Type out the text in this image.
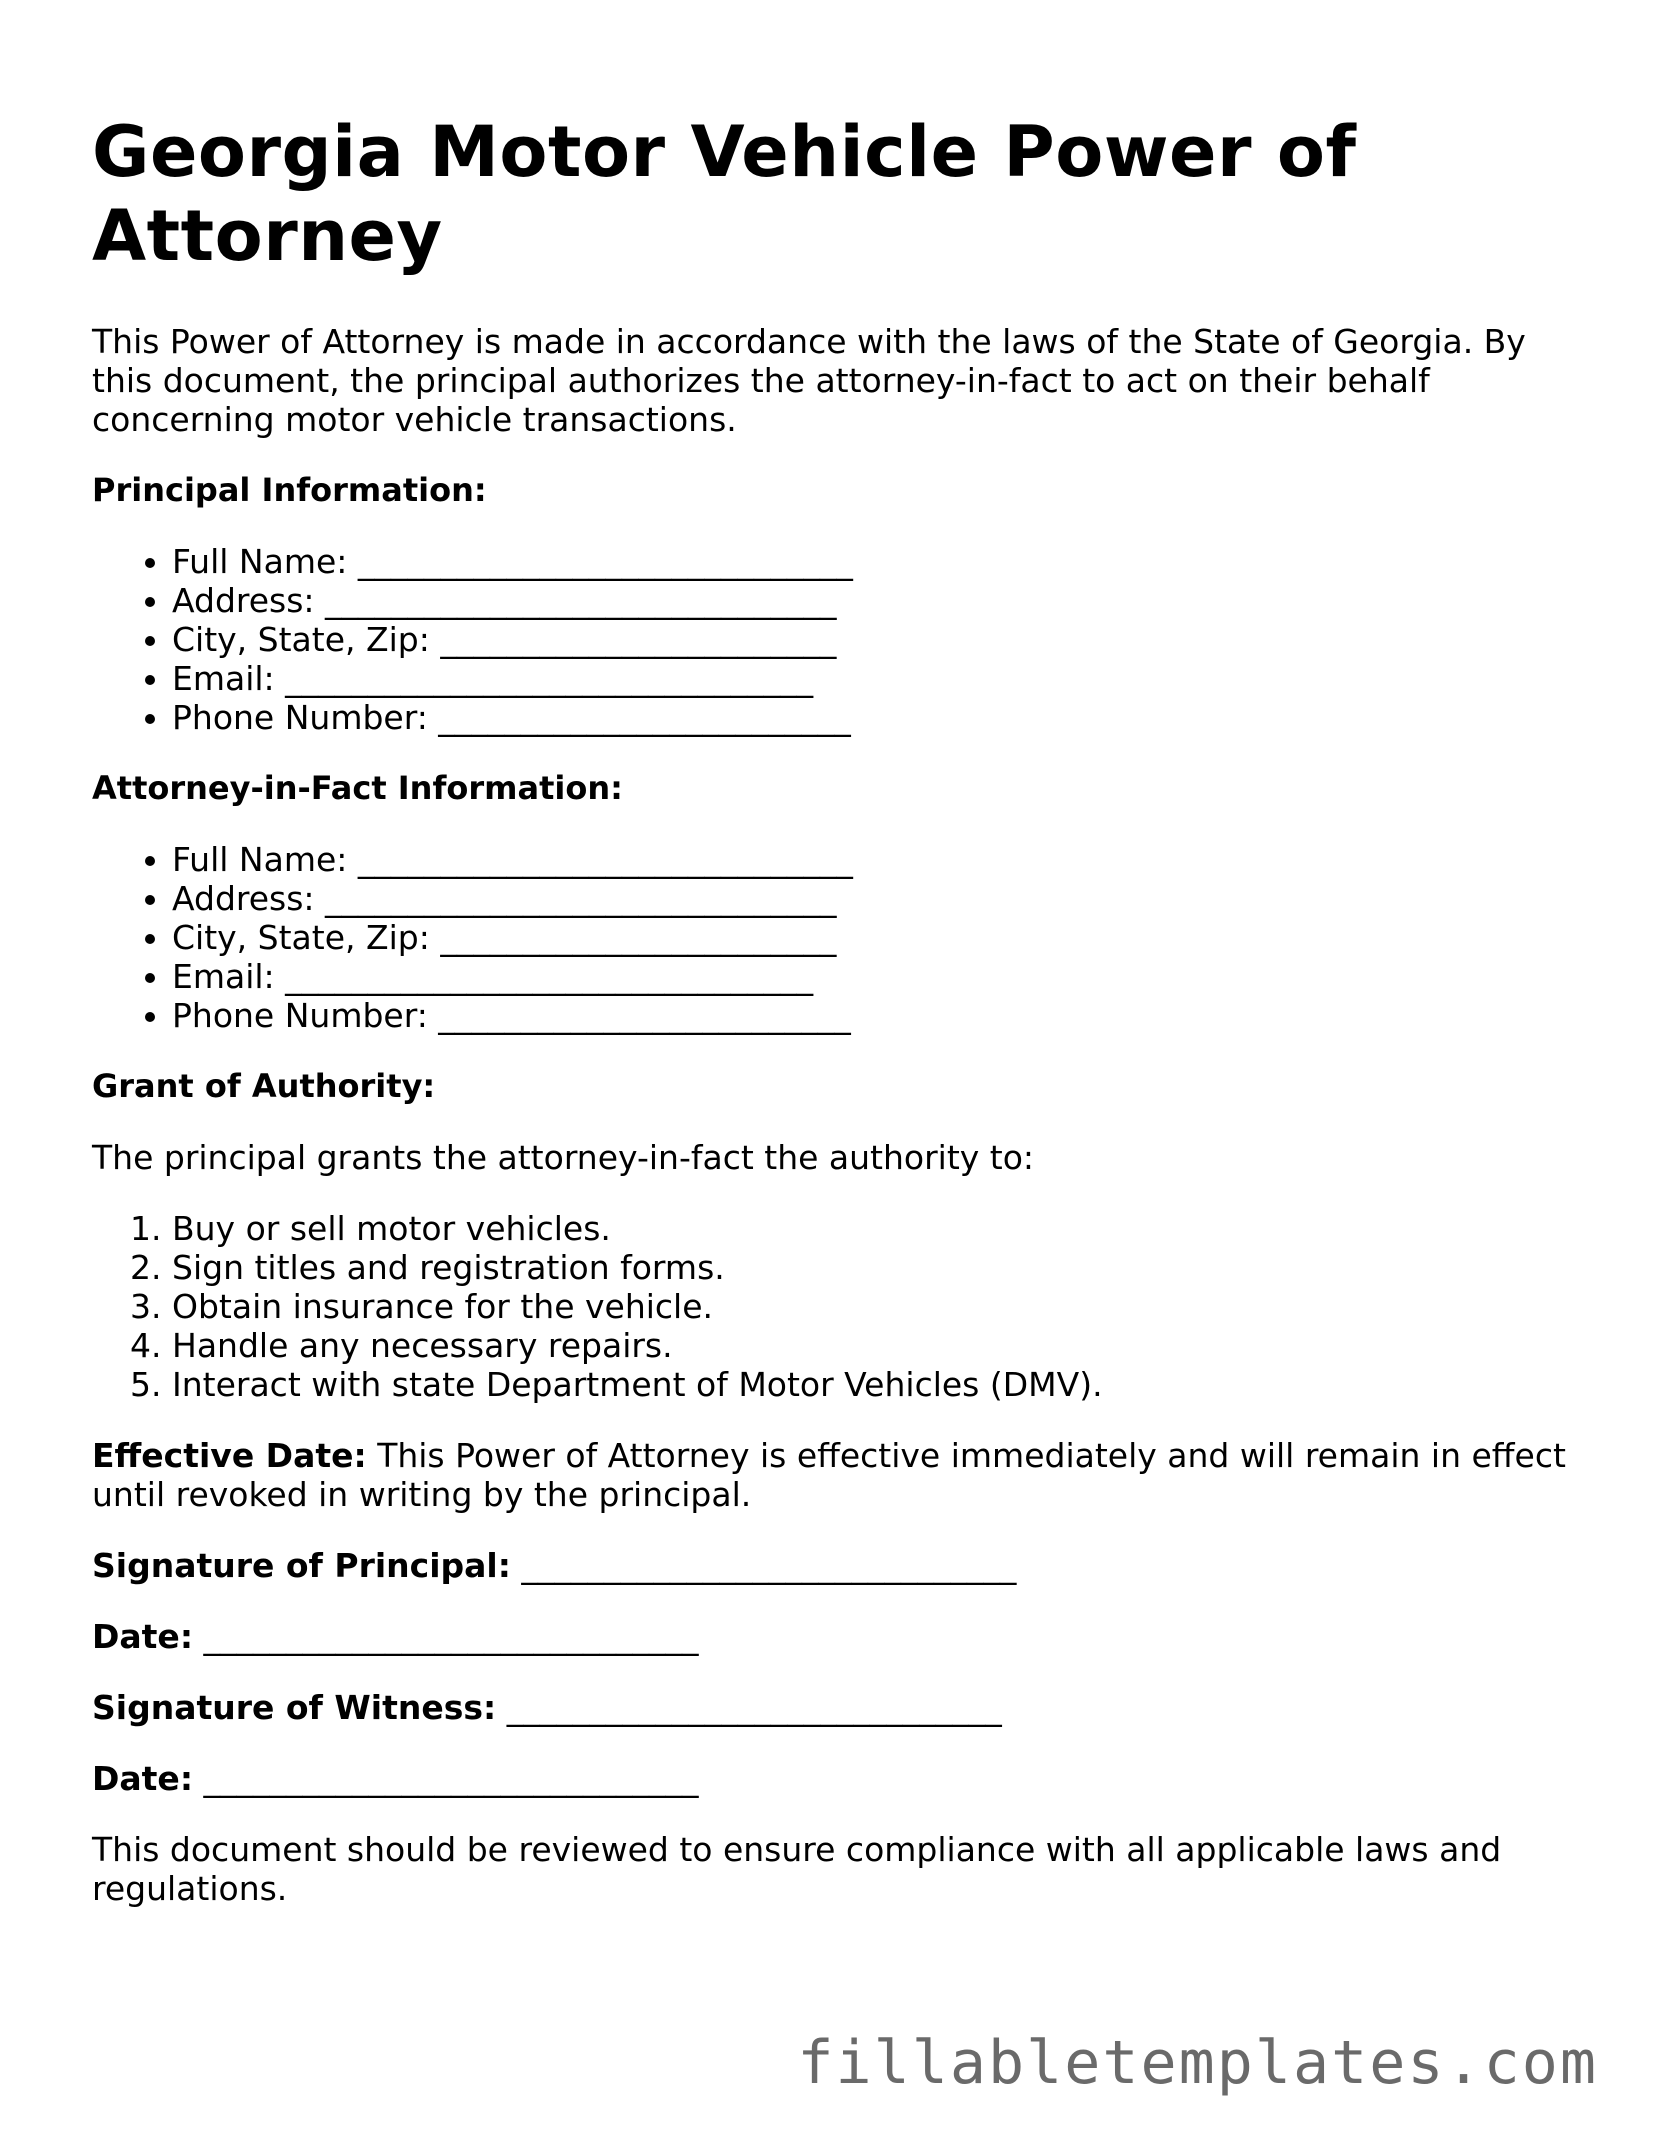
Georgia Motor Vehicle Power of Attorney

This Power of Attorney is made in accordance with the laws of the State of Georgia. By this document, the principal authorizes the attorney-in-fact to act on their behalf concerning motor vehicle transactions.

Principal Information:
• Full Name: ______________________________
• Address: _______________________________
• City, State, Zip: ________________________
• Email: ________________________________
• Phone Number: _________________________
Attorney-in-Fact Information:
• Full Name: ______________________________
• Address: _______________________________
• City, State, Zip: ________________________
• Email: ________________________________
• Phone Number: _________________________
Grant of Authority:

The principal grants the attorney-in-fact the authority to:

1. Buy or sell motor vehicles.
2. Sign titles and registration forms.
3. Obtain insurance for the vehicle.
4. Handle any necessary repairs.
5. Interact with state Department of Motor Vehicles (DMV).

Effective Date: This Power of Attorney is effective immediately and will remain in effect until revoked in writing by the principal.

Signature of Principal: ______________________________
Date: ______________________________
Signature of Witness: ______________________________
Date: ______________________________

This document should be reviewed to ensure compliance with all applicable laws and regulations.

fillabletemplates.com
